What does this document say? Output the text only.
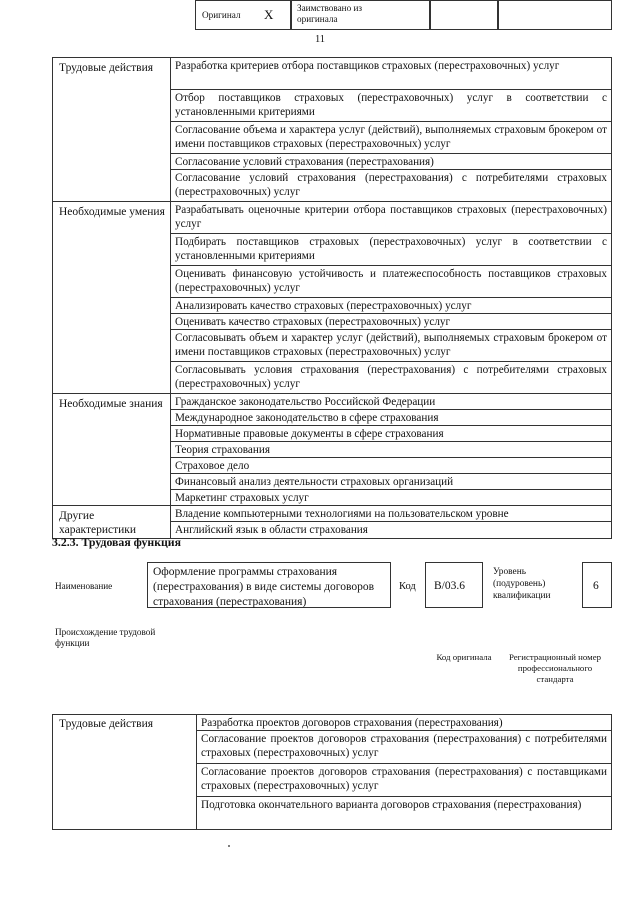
11
Трудовые действия	Разработка критериев отбора поставщиков страховых (перестраховочных) услуг
	Отбор поставщиков страховых (перестраховочных) услуг в соответствии с установленными критериями
	Согласование объема и характера услуг (действий), выполняемых страховым брокером от имени поставщиков страховых (перестраховочных) услуг
	Согласование условий страхования (перестрахования)
	Согласование условий страхования (перестрахования) с потребителями страховых (перестраховочных) услуг
Необходимые умения	Разрабатывать оценочные критерии отбора поставщиков страховых (перестраховочных) услуг
	Подбирать поставщиков страховых (перестраховочных) услуг в соответствии с установленными критериями
	Оценивать финансовую устойчивость и платежеспособность поставщиков страховых (перестраховочных) услуг
	Анализировать качество страховых (перестраховочных) услуг
	Оценивать качество страховых (перестраховочных) услуг
	Согласовывать объем и характер услуг (действий), выполняемых страховым брокером от имени поставщиков страховых (перестраховочных) услуг
	Согласовывать условия страхования (перестрахования) с потребителями страховых (перестраховочных) услуг
Необходимые знания	Гражданское законодательство Российской Федерации
	Международное законодательство в сфере страхования
	Нормативные правовые документы в сфере страхования
	Теория страхования
	Страховое дело
	Финансовый анализ деятельности страховых организаций
	Маркетинг страховых услуг
Другие характеристики	Владение компьютерными технологиями на пользовательском уровне
	Английский язык в области страхования
3.2.3. Трудовая функция
Наименование
Оформление программы страхования (перестрахования) в виде системы договоров страхования (перестрахования)
Код	В/03.6
Уровень (подуровень) квалификации
6
Происхождение трудовой функции
Оригинал X	Заимствовано из оригинала
Код оригинала	Регистрационный номер профессионального стандарта
Трудовые действия	Разработка проектов договоров страхования (перестрахования)
Согласование проектов договоров страхования (перестрахования) с потребителями страховых (перестраховочных) услуг
Согласование проектов договоров страхования (перестрахования) с поставщиками страховых (перестраховочных) услуг
Подготовка окончательного варианта договоров страхования (перестрахования)
